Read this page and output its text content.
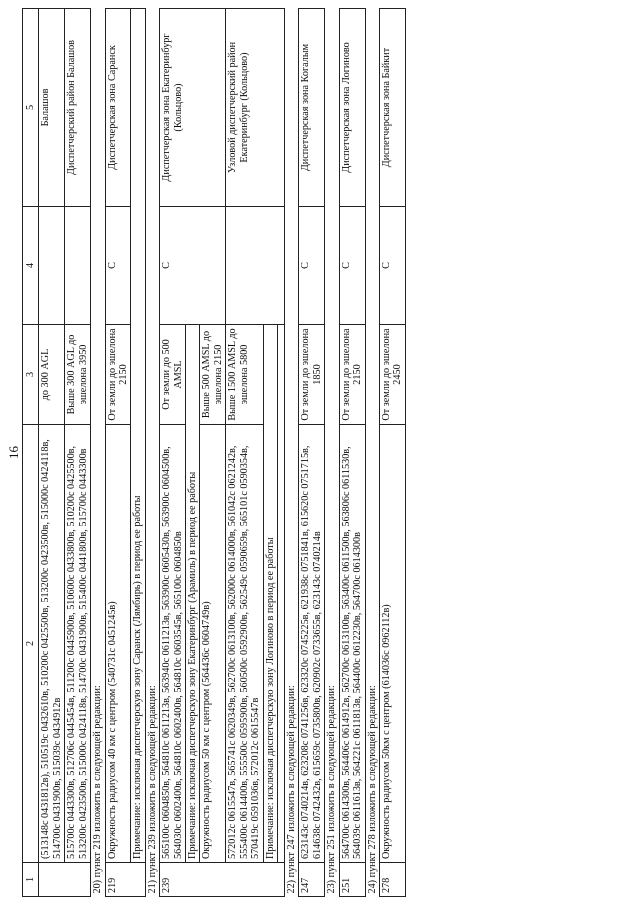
16
1	2	3	4	5
	(513148с 0431812в), 510519с 0432610в, 510200с 0425500в, 513200с 0423500в, 515000с 0424118в, 514700с 0431900в, 515039с 0434912в	до 300 AGL		Балашов
	515700с 0443300в, 512706с 0445454в, 511200с 0445900в, 510600с 0433800в, 510200с 0425500в, 513200с 0423500в, 515000с 0424118в, 514700с 0431900в, 515400с 0441800в, 515700с 0443300в	Выше 300 AGL до эшелона 3950		Диспетчерский район Балашов
20) пункт 219 изложить в следующей редакции:				
219	Окружность радиусом 40 км с центром (540731с 0451245в)	От земли до эшелона 2150	С	Диспетчерская зона Саранск
	Примечание: исключая диспетчерскую зону Саранск (Лямбирь) в период ее работы			
21) пункт 239 изложить в следующей редакции:				
239	565100с 0604850в, 564810с 0611213в, 563940с 0611213в, 563900с 0605430в, 563900с 0604500в, 564030с 0602400в, 564810с 0602400в, 564810с 0603545в, 565100с 0604850в	От земли до 500 AMSL	С	Диспетчерская зона Екатеринбург (Кольцово)
	Примечание: исключая диспетчерскую зону Екатеринбург (Арамиль) в период ее работы			
	Окружность радиусом 50 км с центром (564436с 0604749в)	Выше 500 AMSL до эшелона 2150		
	572012с 0615547в, 565741с 0620349в, 562700с 0613100в, 562000с 0614000в, 561042с 0621242в, 555400с 0614400в, 555500с 0595900в, 560500с 0592900в, 562549с 0590659в, 565101с 0590354в, 570419с 0591036в, 572012с 0615547в	Выше 1500 AMSL до эшелона 5800		Узловой диспетчерский район Екатеринбург (Кольцово)
	Примечание: исключая диспетчерскую зону Логиново в период ее работы			

22) пункт 247 изложить в следующей редакции:				
247	623143с 0740214в, 623208с 0741256в, 623320с 0745225в, 621938с 0751841в, 615620с 0751715в, 614638с 0742432в, 615659с 0735800в, 620902с 0733655в, 623143с 0740214в	От земли до эшелона 1850	С	Диспетчерская зона Когалым
23) пункт 251 изложить в следующей редакции:				
251	564700с 0614300в, 564406с 0614912в, 562700с 0613100в, 563400с 0611500в, 563806с 0611530в, 564039с 0611613в, 564221с 0611813в, 564400с 0612230в, 564700с 0614300в	От земли до эшелона 2150	С	Диспетчерская зона Логиново
24) пункт 278 изложить в следующей редакции:				
278	Окружность радиусом 50км с центром (614036с 0962112в)	От земли до эшелона 2450	С	Диспетчерская зона Байкит
